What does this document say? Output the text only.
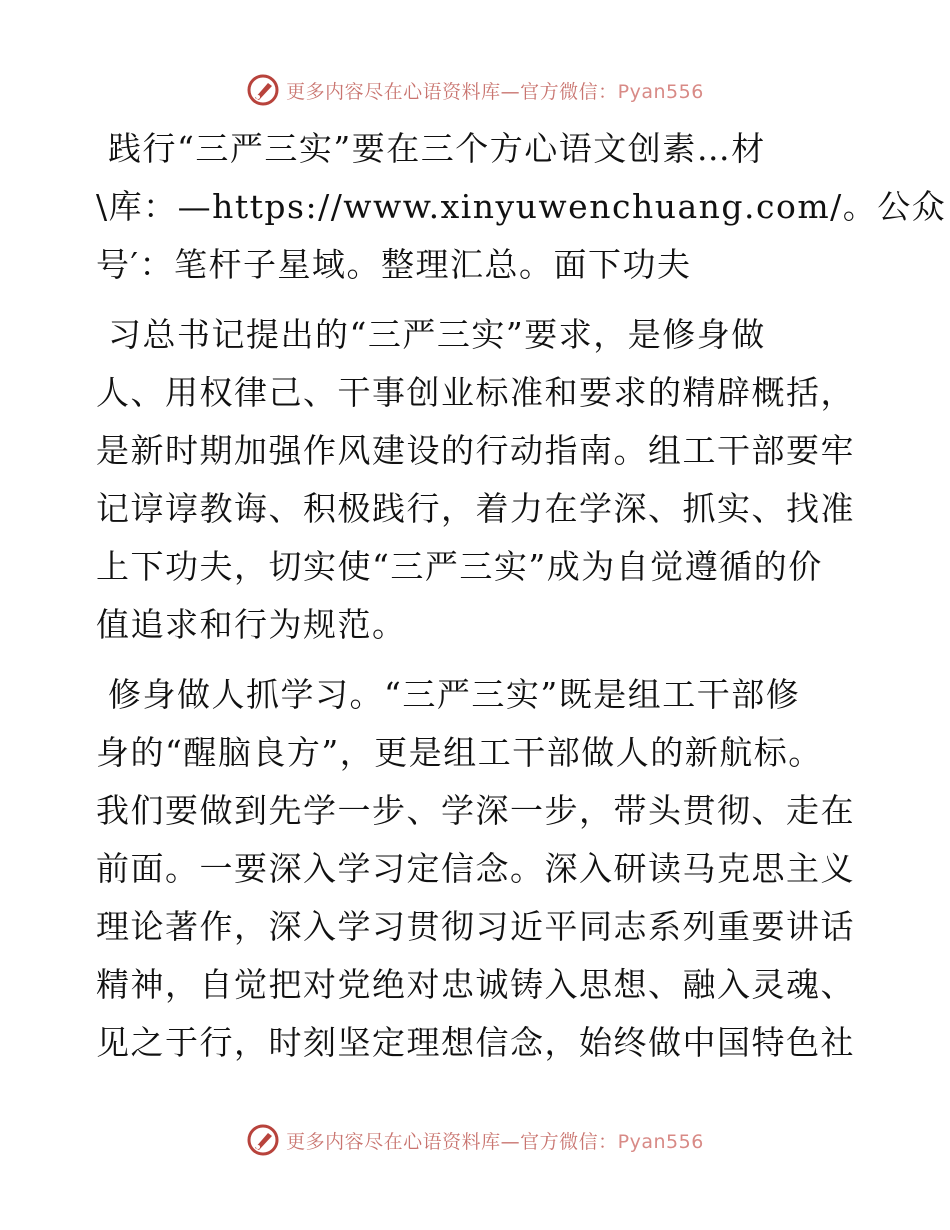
更多内容尽在心语资料库—官方微信：Pyan556
践行“三严三实”要在三个方心语文创素…材
\库：—https://www.xinyuwenchuang.com/。公众
号′：笔杆子星域。整理汇总。面下功夫
习总书记提出的“三严三实”要求，是修身做
人、用权律己、干事创业标准和要求的精辟概括，
是新时期加强作风建设的行动指南。组工干部要牢
记谆谆教诲、积极践行，着力在学深、抓实、找准
上下功夫，切实使“三严三实”成为自觉遵循的价
值追求和行为规范。
修身做人抓学习。“三严三实”既是组工干部修
身的“醒脑良方”，更是组工干部做人的新航标。
我们要做到先学一步、学深一步，带头贯彻、走在
前面。一要深入学习定信念。深入研读马克思主义
理论著作，深入学习贯彻习近平同志系列重要讲话
精神，自觉把对党绝对忠诚铸入思想、融入灵魂、
见之于行，时刻坚定理想信念，始终做中国特色社
更多内容尽在心语资料库—官方微信：Pyan556
